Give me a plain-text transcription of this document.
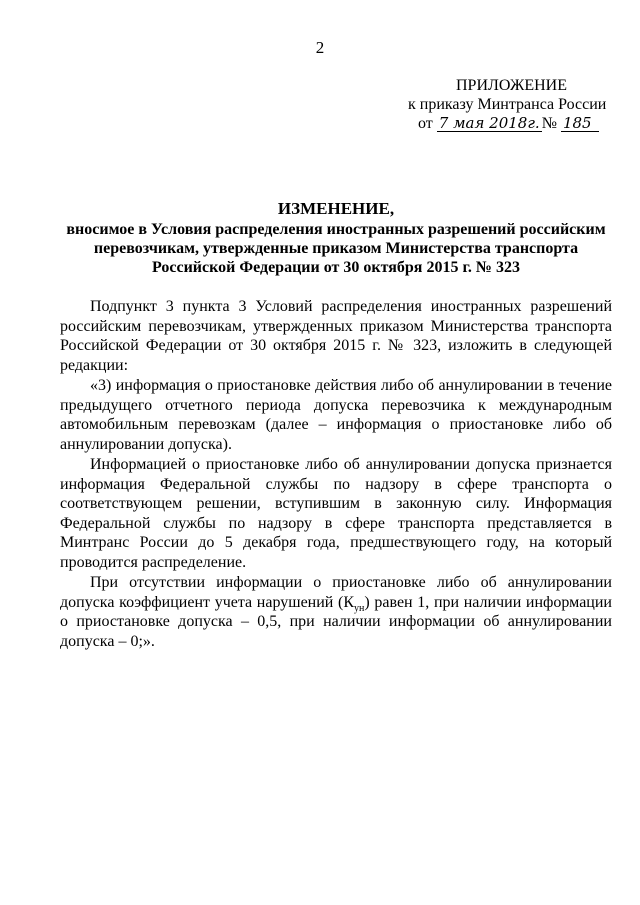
2
ПРИЛОЖЕНИЕ
к приказу Минтранса России
от 7 мая 2018г. № 185
ИЗМЕНЕНИЕ,
вносимое в Условия распределения иностранных разрешений российским перевозчикам, утвержденные приказом Министерства транспорта Российской Федерации от 30 октября 2015 г. № 323

Подпункт 3 пункта 3 Условий распределения иностранных разрешений российским перевозчикам, утвержденных приказом Министерства транспорта Российской Федерации от 30 октября 2015 г. № 323, изложить в следующей редакции:

«3) информация о приостановке действия либо об аннулировании в течение предыдущего отчетного периода допуска перевозчика к международным автомобильным перевозкам (далее – информация о приостановке либо об аннулировании допуска).

Информацией о приостановке либо об аннулировании допуска признается информация Федеральной службы по надзору в сфере транспорта о соответствующем решении, вступившим в законную силу. Информация Федеральной службы по надзору в сфере транспорта представляется в Минтранс России до 5 декабря года, предшествующего году, на который проводится распределение.

При отсутствии информации о приостановке либо об аннулировании допуска коэффициент учета нарушений $(К_{ун})$ равен 1, при наличии информации о приостановке допуска – 0,5, при наличии информации об аннулировании допуска – 0;».
